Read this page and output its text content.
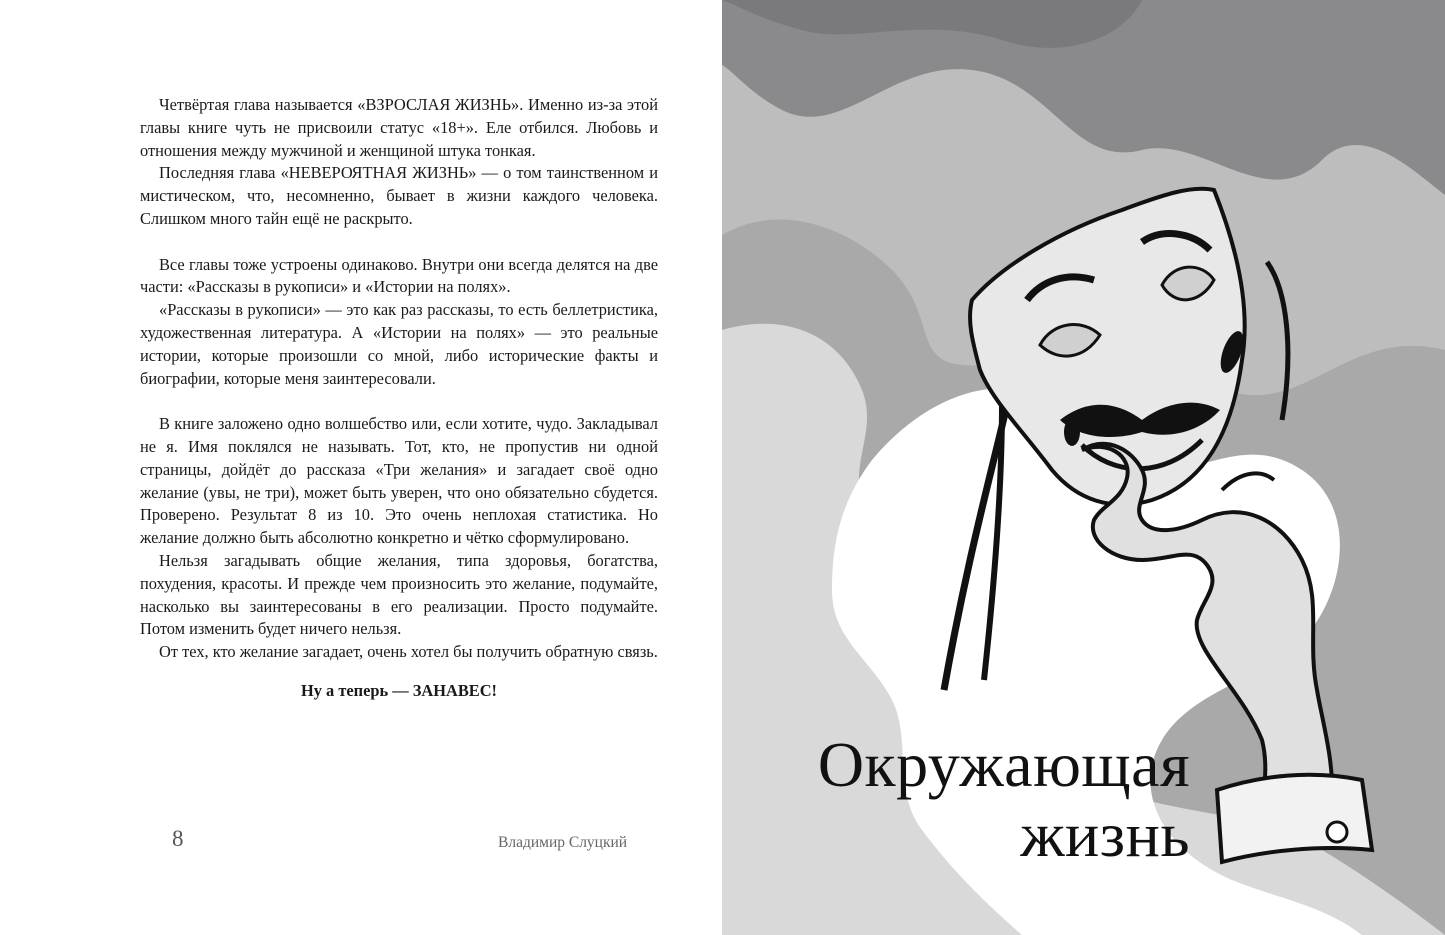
Четвёртая глава называется «ВЗРОСЛАЯ ЖИЗНЬ». Именно из-за этой главы книге чуть не присвоили статус «18+». Еле отбился. Любовь и отношения между мужчиной и женщиной штука тонкая.

Последняя глава «НЕВЕРОЯТНАЯ ЖИЗНЬ» — о том таинственном и мистическом, что, несомненно, бывает в жизни каждого человека. Слишком много тайн ещё не раскрыто.

Все главы тоже устроены одинаково. Внутри они всегда делятся на две части: «Рассказы в рукописи» и «Истории на полях».

«Рассказы в рукописи» — это как раз рассказы, то есть беллетристика, художественная литература. А «Истории на полях» — это реальные истории, которые произошли со мной, либо исторические факты и биографии, которые меня заинтересовали.

В книге заложено одно волшебство или, если хотите, чудо. Закладывал не я. Имя поклялся не называть. Тот, кто, не пропустив ни одной страницы, дойдёт до рассказа «Три желания» и загадает своё одно желание (увы, не три), может быть уверен, что оно обязательно сбудется. Проверено. Результат 8 из 10. Это очень неплохая статистика. Но желание должно быть абсолютно конкретно и чётко сформулировано.

Нельзя загадывать общие желания, типа здоровья, богатства, похудения, красоты. И прежде чем произносить это желание, подумайте, насколько вы заинтересованы в его реализации. Просто подумайте. Потом изменить будет ничего нельзя.

От тех, кто желание загадает, очень хотел бы получить обратную связь.

Ну а теперь — ЗАНАВЕС!

8	Владимир Слуцкий
Окружающая
жизнь
